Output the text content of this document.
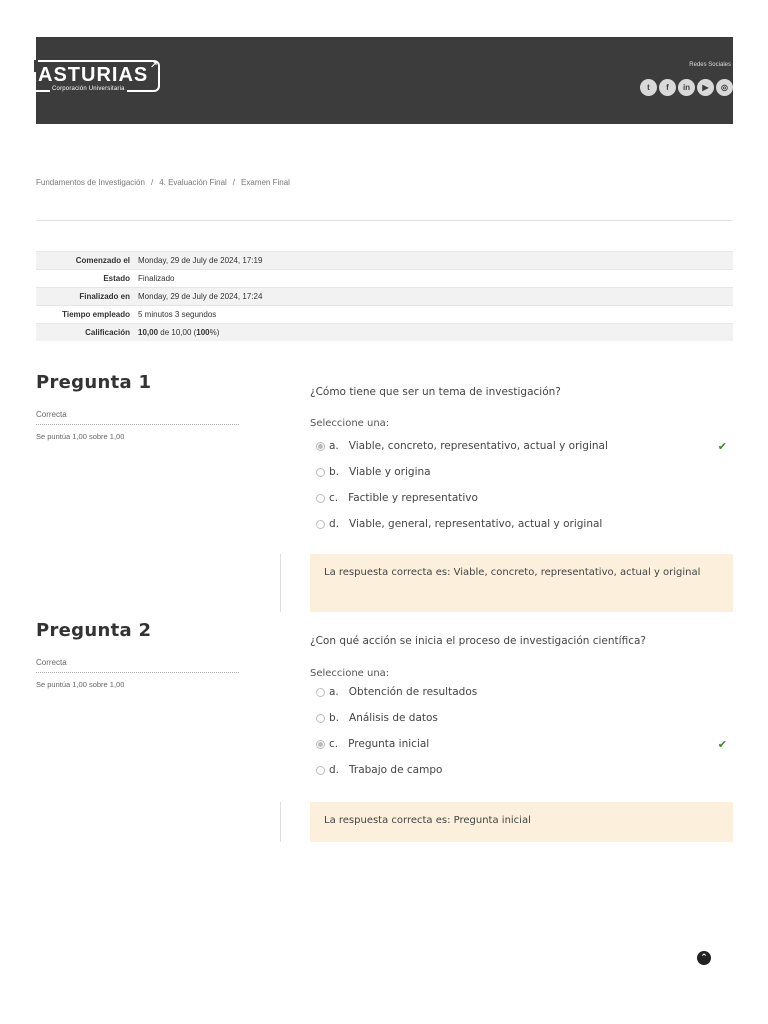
↗
ASTURIAS
Corporación Universitaria
Redes Sociales
t	f	in	▶	◎
Fundamentos de Investigación / 4. Evaluación Final / Examen Final
Comenzado el	Monday, 29 de July de 2024, 17:19
Estado	Finalizado
Finalizado en	Monday, 29 de July de 2024, 17:24
Tiempo empleado	5 minutos 3 segundos
Calificación	10,00 de 10,00 (100%)
Pregunta 1
Correcta
Se puntúa 1,00 sobre 1,00
¿Cómo tiene que ser un tema de investigación?
Seleccione una:
a. Viable, concreto, representativo, actual y original	✔
b. Viable y origina
c. Factible y representativo
d. Viable, general, representativo, actual y original
La respuesta correcta es: Viable, concreto, representativo, actual y original
Pregunta 2
Correcta
Se puntúa 1,00 sobre 1,00
¿Con qué acción se inicia el proceso de investigación científica?
Seleccione una:
a. Obtención de resultados
b. Análisis de datos
c. Pregunta inicial	✔
d. Trabajo de campo
La respuesta correcta es: Pregunta inicial
⌃
